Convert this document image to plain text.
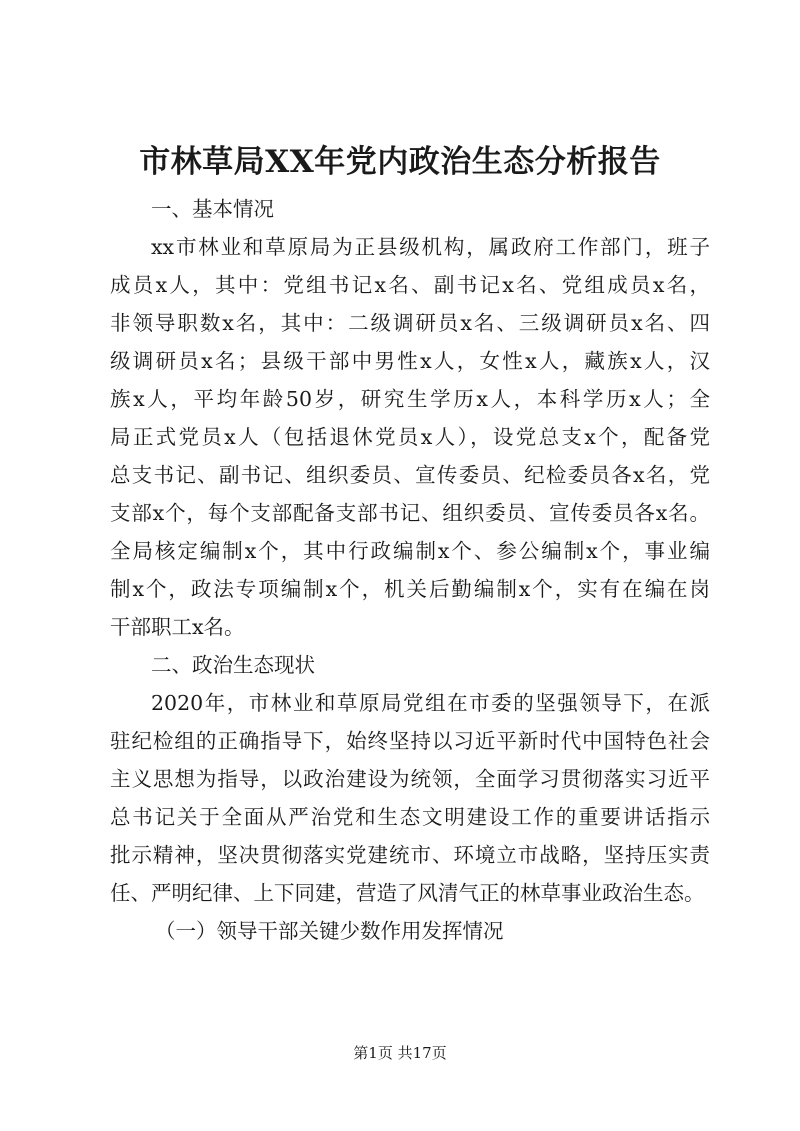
市林草局XX年党内政治生态分析报告
一、基本情况
xx市林业和草原局为正县级机构，属政府工作部门，班子
成员x人，其中：党组书记x名、副书记x名、党组成员x名，
非领导职数x名，其中：二级调研员x名、三级调研员x名、四
级调研员x名；县级干部中男性x人，女性x人，藏族x人，汉
族x人，平均年龄50岁，研究生学历x人，本科学历x人；全
局正式党员x人（包括退休党员x人），设党总支x个，配备党
总支书记、副书记、组织委员、宣传委员、纪检委员各x名，党
支部x个，每个支部配备支部书记、组织委员、宣传委员各x名。
全局核定编制x个，其中行政编制x个、参公编制x个，事业编
制x个，政法专项编制x个，机关后勤编制x个，实有在编在岗
干部职工x名。
二、政治生态现状
2020年，市林业和草原局党组在市委的坚强领导下，在派
驻纪检组的正确指导下，始终坚持以习近平新时代中国特色社会
主义思想为指导，以政治建设为统领，全面学习贯彻落实习近平
总书记关于全面从严治党和生态文明建设工作的重要讲话指示
批示精神，坚决贯彻落实党建统市、环境立市战略，坚持压实责
任、严明纪律、上下同建，营造了风清气正的林草事业政治生态。
（一）领导干部关键少数作用发挥情况
第1页 共17页
